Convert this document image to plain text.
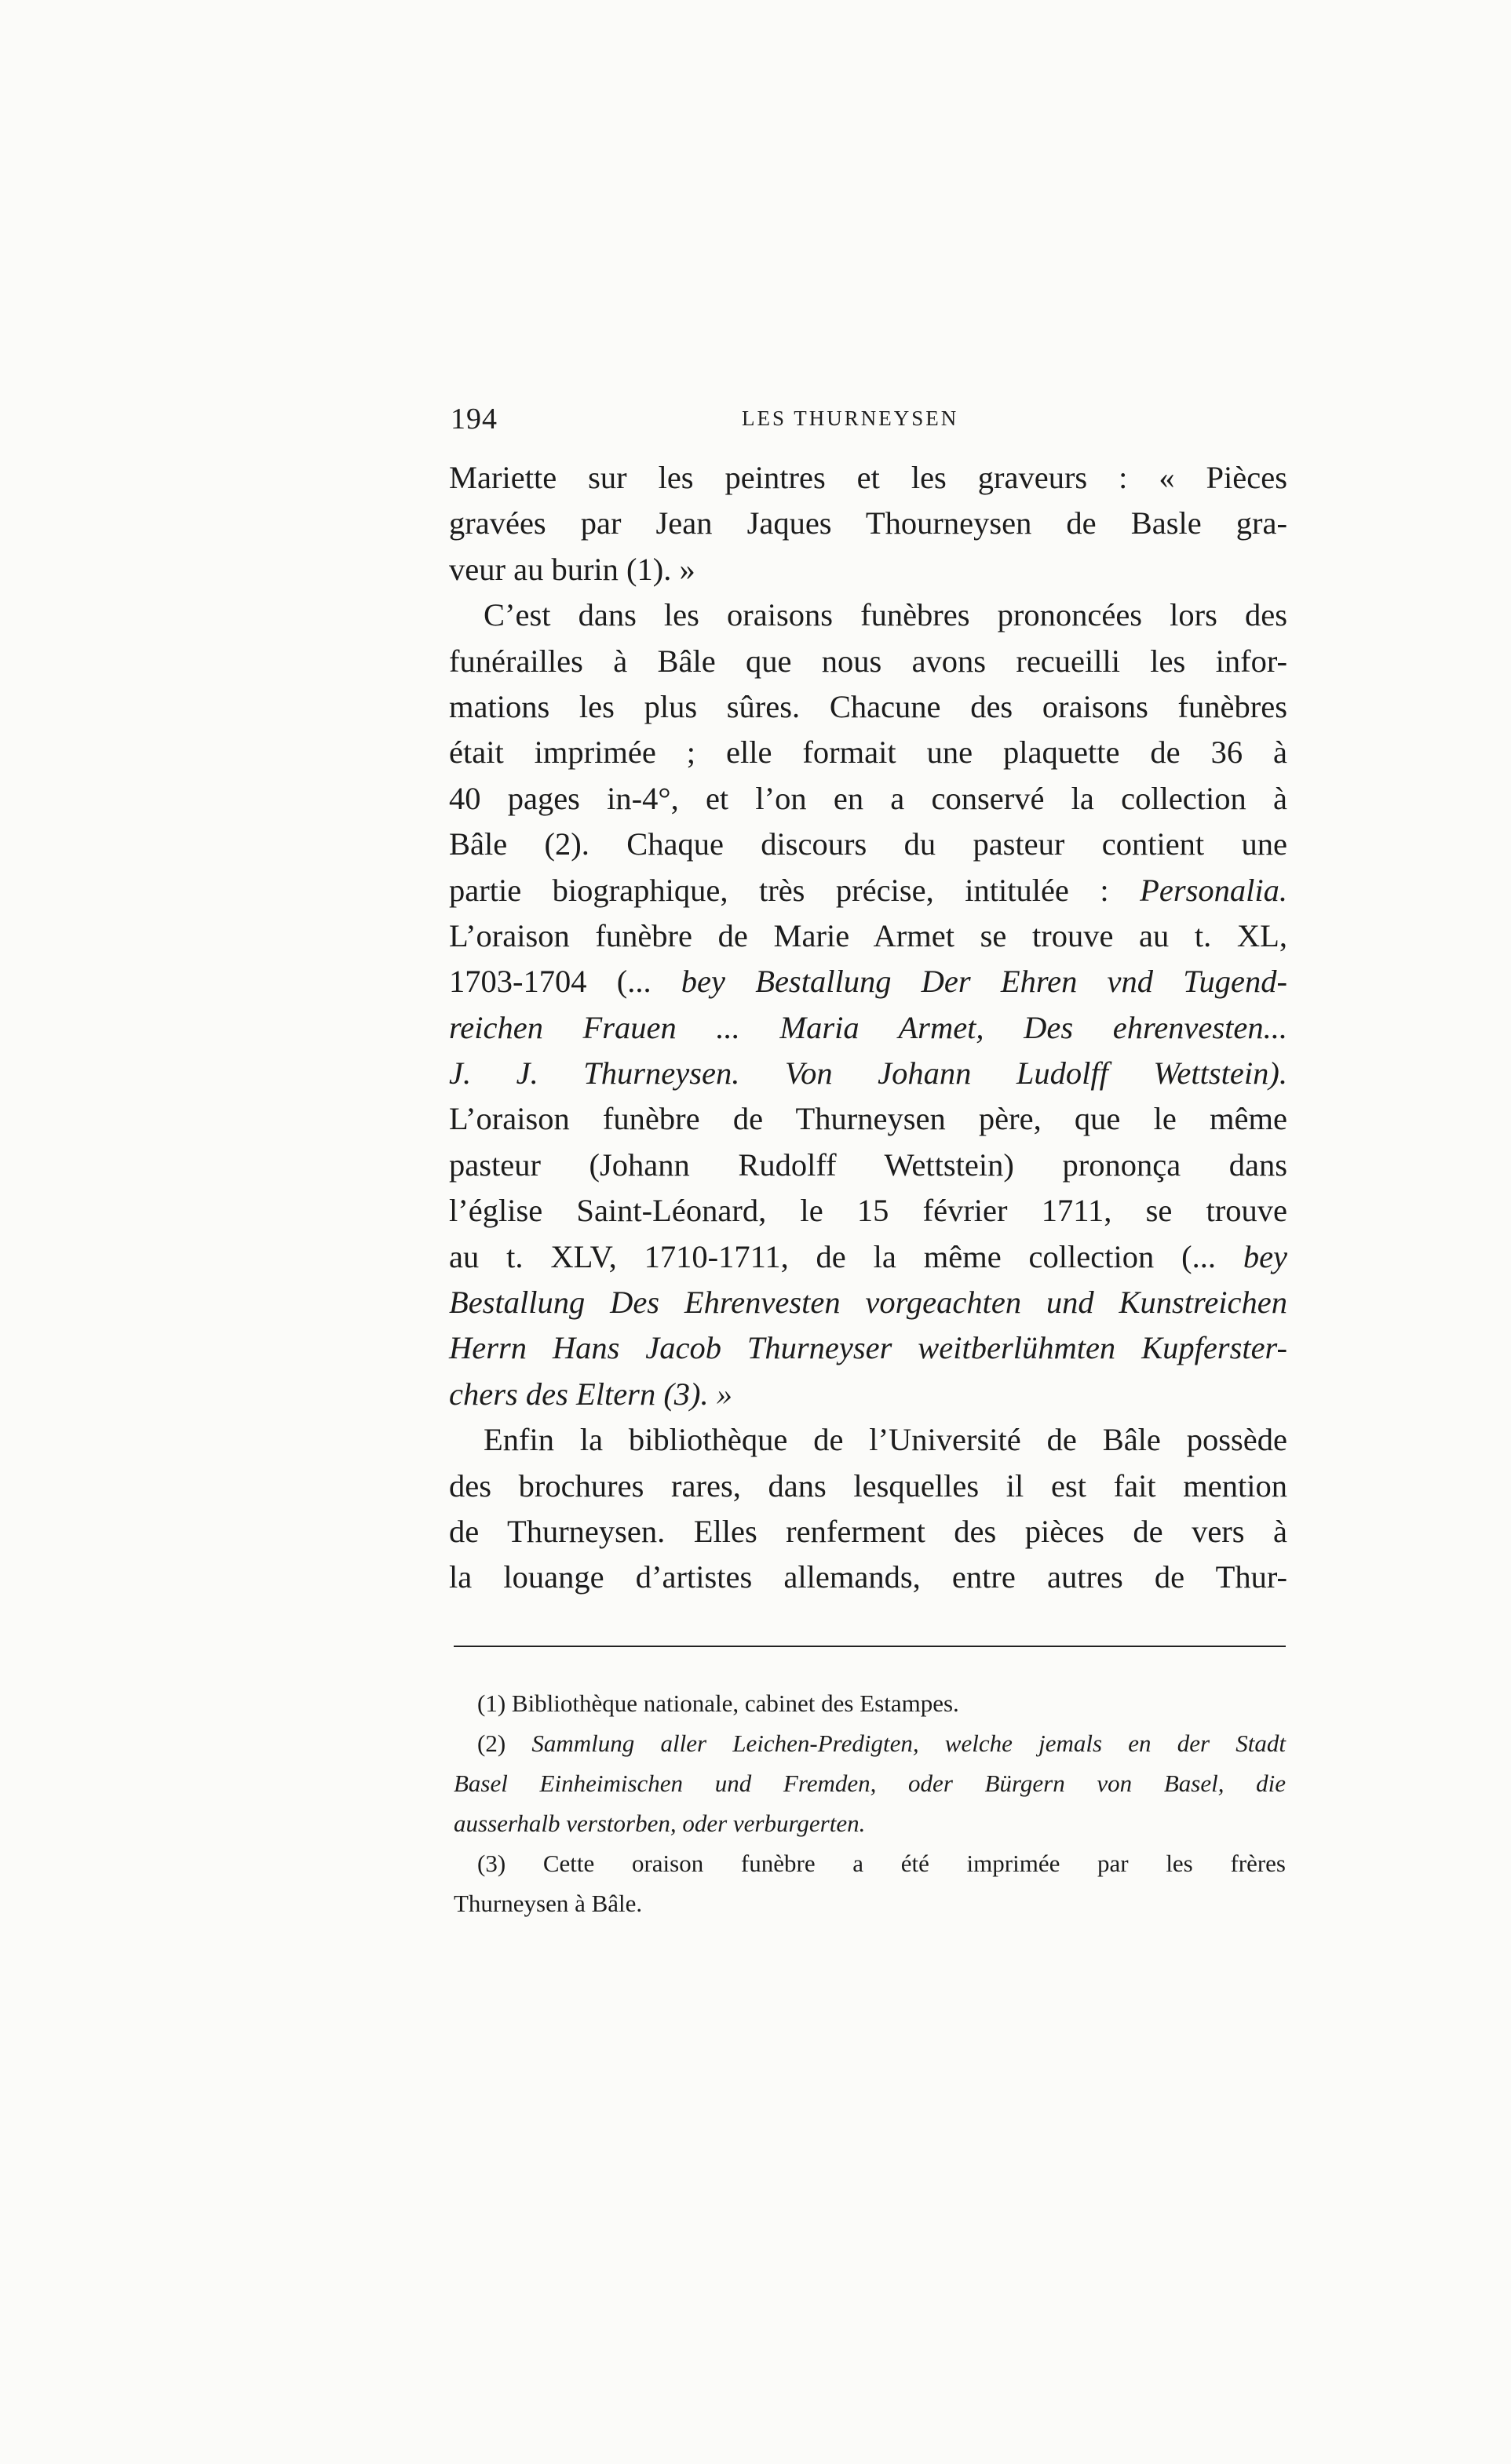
194	LES THURNEYSEN
Mariette sur les peintres et les graveurs : « Pièces
gravées par Jean Jaques Thourneysen de Basle gra-
veur au burin (1). »
C’est dans les oraisons funèbres prononcées lors des
funérailles à Bâle que nous avons recueilli les infor-
mations les plus sûres. Chacune des oraisons funèbres
était imprimée ; elle formait une plaquette de 36 à
40 pages in-4°, et l’on en a conservé la collection à
Bâle (2). Chaque discours du pasteur contient une
partie biographique, très précise, intitulée : Personalia.
L’oraison funèbre de Marie Armet se trouve au t. XL,
1703-1704 (... bey Bestallung Der Ehren vnd Tugend-
reichen Frauen ... Maria Armet, Des ehrenvesten...
J. J. Thurneysen. Von Johann Ludolff Wettstein).
L’oraison funèbre de Thurneysen père, que le même
pasteur (Johann Rudolff Wettstein) prononça dans
l’église Saint-Léonard, le 15 février 1711, se trouve
au t. XLV, 1710-1711, de la même collection (... bey
Bestallung Des Ehrenvesten vorgeachten und Kunstreichen
Herrn Hans Jacob Thurneyser weitberlühmten Kupferster-
chers des Eltern (3). »
Enfin la bibliothèque de l’Université de Bâle possède
des brochures rares, dans lesquelles il est fait mention
de Thurneysen. Elles renferment des pièces de vers à
la louange d’artistes allemands, entre autres de Thur-
(1) Bibliothèque nationale, cabinet des Estampes.
(2) Sammlung aller Leichen-Predigten, welche jemals en der Stadt
Basel Einheimischen und Fremden, oder Bürgern von Basel, die
ausserhalb verstorben, oder verburgerten.
(3) Cette oraison funèbre a été imprimée par les frères
Thurneysen à Bâle.
